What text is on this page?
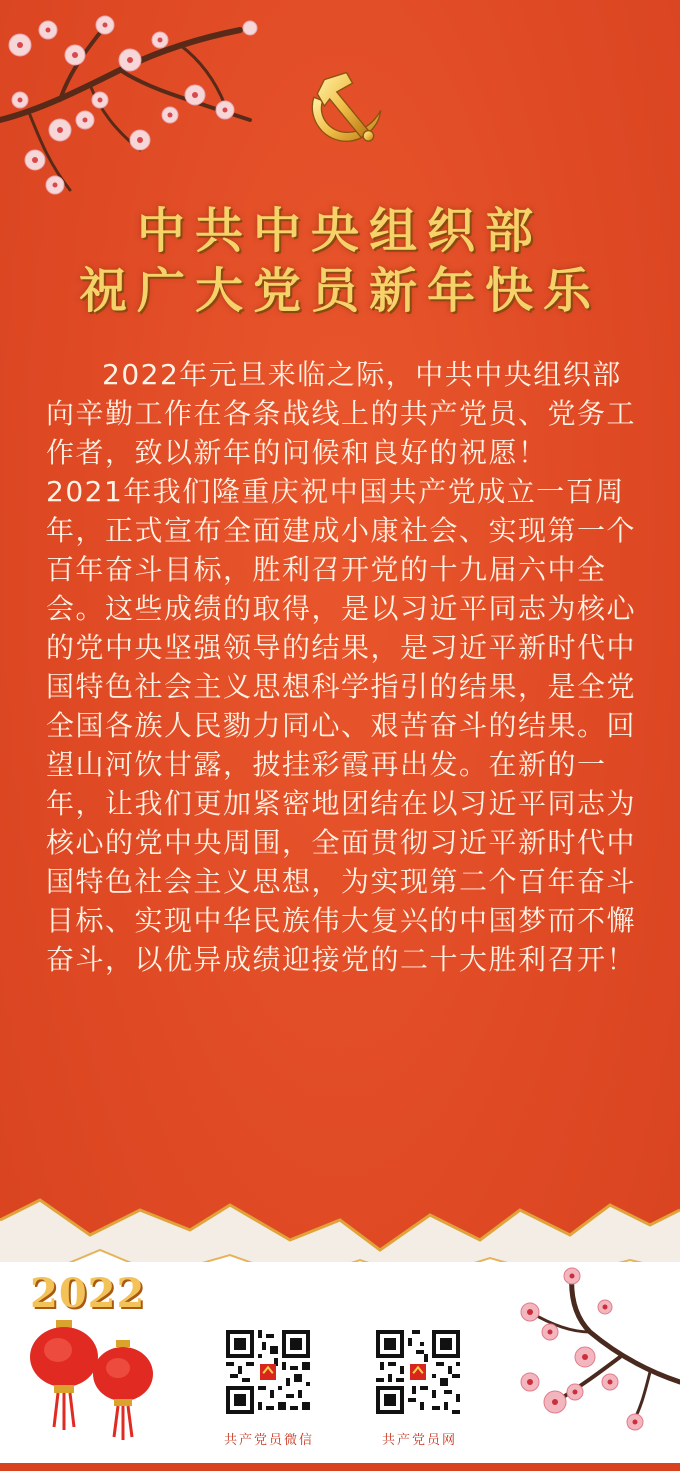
中共中央组织部
祝广大党员新年快乐

2022年元旦来临之际，中共中央组织部向辛勤工作在各条战线上的共产党员、党务工作者，致以新年的问候和良好的祝愿！

2021年我们隆重庆祝中国共产党成立一百周年，正式宣布全面建成小康社会、实现第一个百年奋斗目标，胜利召开党的十九届六中全会。这些成绩的取得，是以习近平同志为核心的党中央坚强领导的结果，是习近平新时代中国特色社会主义思想科学指引的结果，是全党全国各族人民勠力同心、艰苦奋斗的结果。回望山河饮甘露，披挂彩霞再出发。在新的一年，让我们更加紧密地团结在以习近平同志为核心的党中央周围，全面贯彻习近平新时代中国特色社会主义思想，为实现第二个百年奋斗目标、实现中华民族伟大复兴的中国梦而不懈奋斗，以优异成绩迎接党的二十大胜利召开！

2022
共产党员微信	共产党员网
